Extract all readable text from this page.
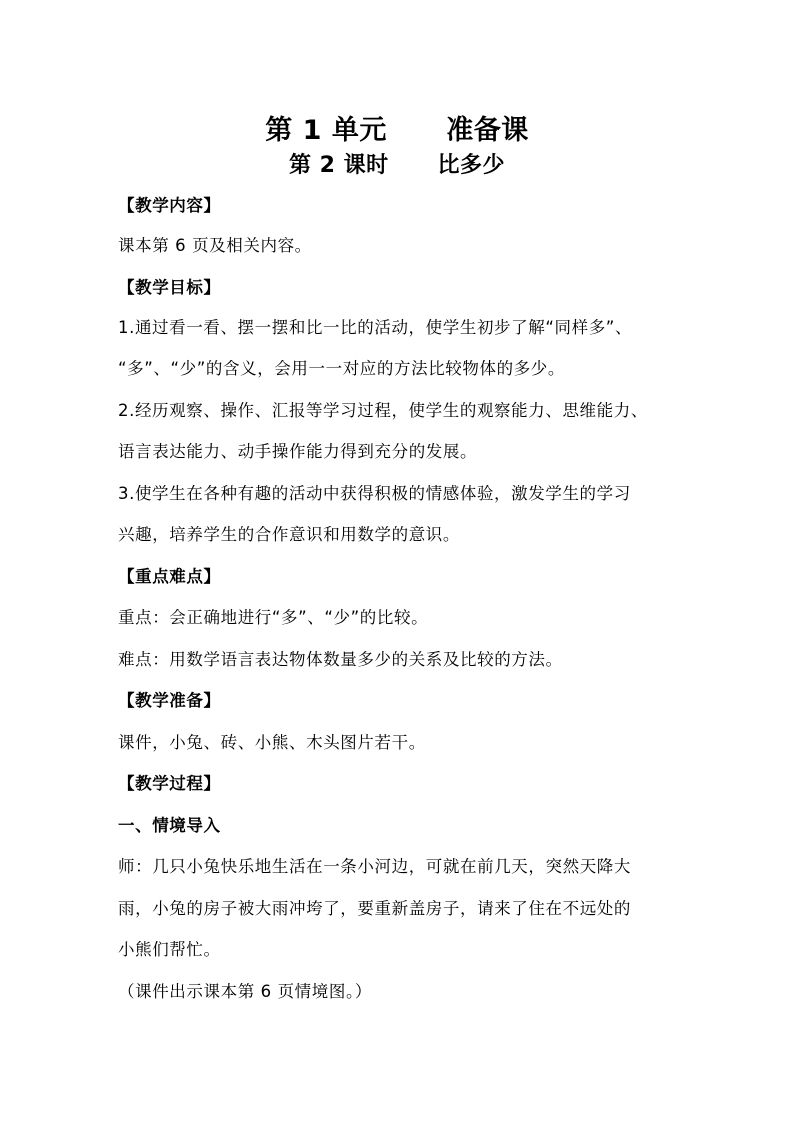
第 1 单元      准备课
第 2 课时      比多少
【教学内容】
课本第 6 页及相关内容。
【教学目标】
1.通过看一看、摆一摆和比一比的活动，使学生初步了解“同样多”、
“多”、“少”的含义，会用一一对应的方法比较物体的多少。
2.经历观察、操作、汇报等学习过程，使学生的观察能力、思维能力、
语言表达能力、动手操作能力得到充分的发展。
3.使学生在各种有趣的活动中获得积极的情感体验，激发学生的学习
兴趣，培养学生的合作意识和用数学的意识。
【重点难点】
重点：会正确地进行“多”、“少”的比较。
难点：用数学语言表达物体数量多少的关系及比较的方法。
【教学准备】
课件，小兔、砖、小熊、木头图片若干。
【教学过程】
一、情境导入
师：几只小兔快乐地生活在一条小河边，可就在前几天，突然天降大
雨，小兔的房子被大雨冲垮了，要重新盖房子，请来了住在不远处的
小熊们帮忙。
（课件出示课本第 6 页情境图。）
